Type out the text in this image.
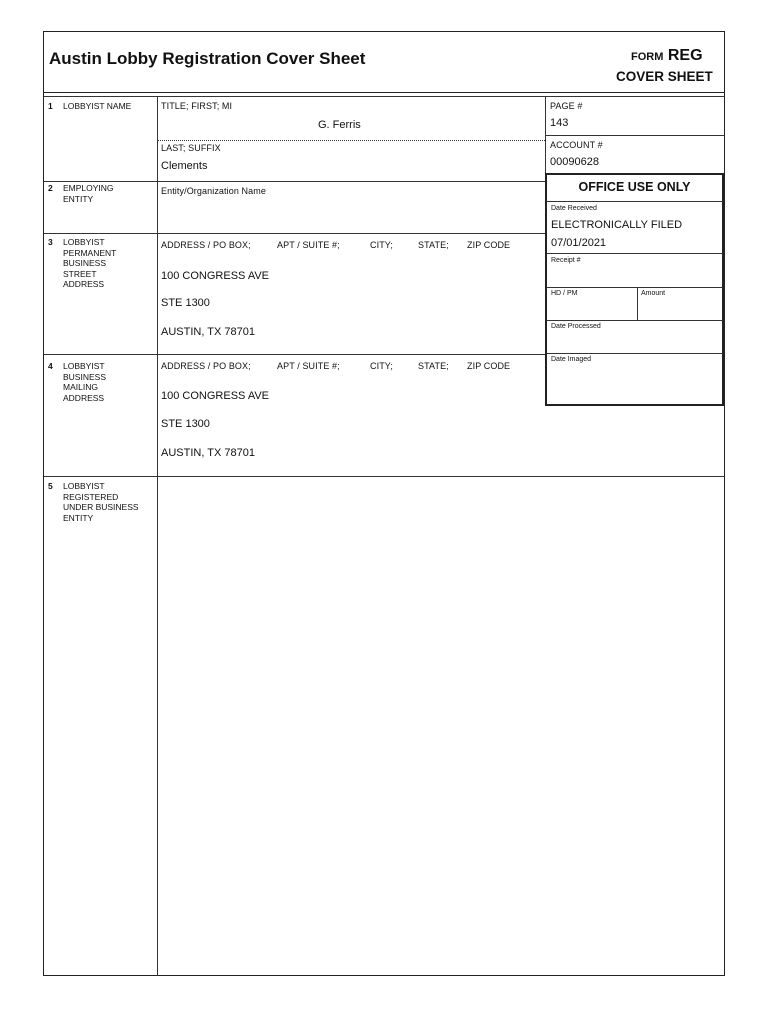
Austin Lobby Registration Cover Sheet	FORM REG
COVER SHEET
1 LOBBYIST NAME	TITLE; FIRST; MI
G. Ferris
LAST; SUFFIX
Clements
PAGE #
143
ACCOUNT #
00090628
2 EMPLOYING
ENTITY
Entity/Organization Name
3 LOBBYIST
PERMANENT
BUSINESS
STREET
ADDRESS
ADDRESS / PO BOX;	APT / SUITE #;	CITY;	STATE; ZIP CODE
100 CONGRESS AVE
STE 1300
AUSTIN, TX 78701
4 LOBBYIST
BUSINESS
MAILING
ADDRESS
ADDRESS / PO BOX;	APT / SUITE #;	CITY;	STATE; ZIP CODE
100 CONGRESS AVE
STE 1300
AUSTIN, TX 78701
5 LOBBYIST
REGISTERED
UNDER BUSINESS
ENTITY
OFFICE USE ONLY
Date Received
ELECTRONICALLY FILED
07/01/2021
Receipt #
HD / PM	Amount
Date Processed
Date Imaged
